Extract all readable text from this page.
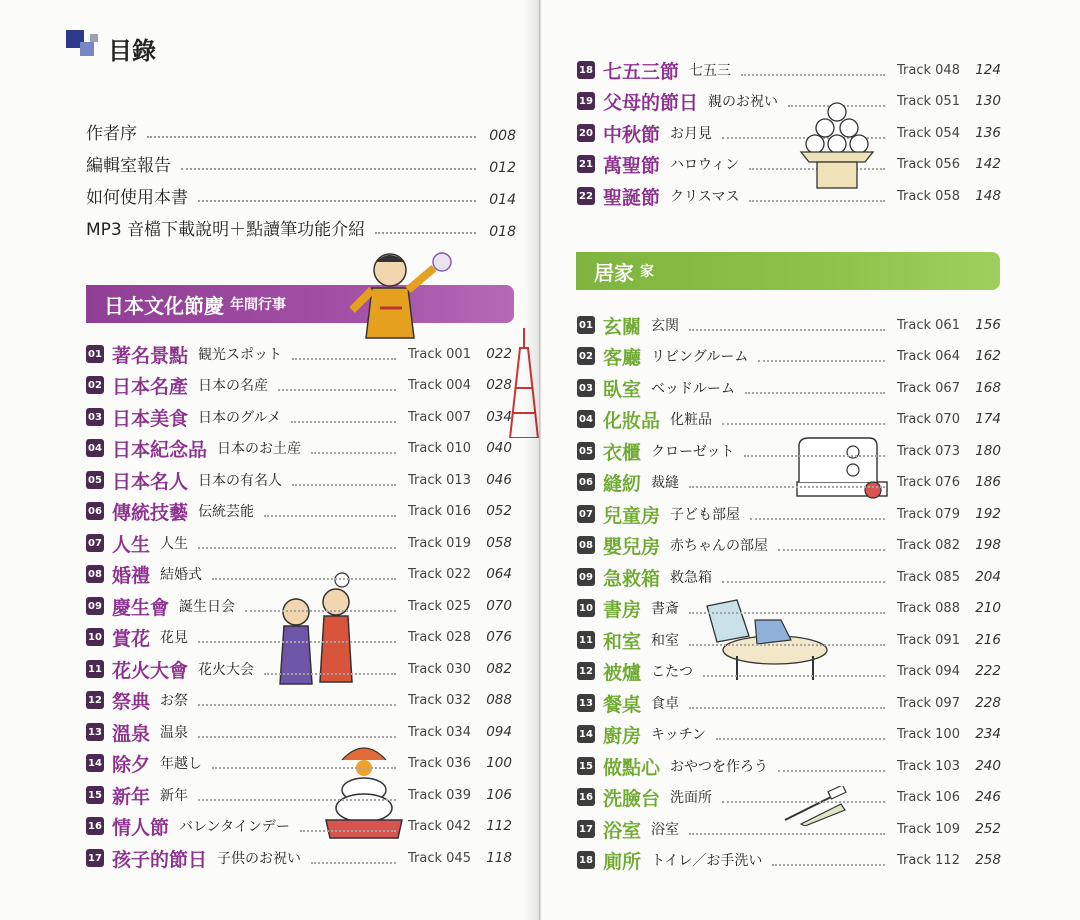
目錄
作者序	008
編輯室報告	012
如何使用本書	014
MP3 音檔下載說明＋點讀筆功能介紹	018
日本文化節慶 年間行事
01 著名景點 観光スポット	Track 001	022
02 日本名產 日本の名産	Track 004	028
03 日本美食 日本のグルメ	Track 007	034
04 日本紀念品 日本のお土産	Track 010	040
05 日本名人 日本の有名人	Track 013	046
06 傳統技藝 伝統芸能	Track 016	052
07 人生 人生	Track 019	058
08 婚禮 結婚式	Track 022	064
09 慶生會 誕生日会	Track 025	070
10 賞花 花見	Track 028	076
11 花火大會 花火大会	Track 030	082
12 祭典 お祭	Track 032	088
13 溫泉 温泉	Track 034	094
14 除夕 年越し	Track 036	100
15 新年 新年	Track 039	106
16 情人節 バレンタインデー	Track 042	112
17 孩子的節日 子供のお祝い	Track 045	118
18 七五三節 七五三	Track 048	124
19 父母的節日 親のお祝い	Track 051	130
20 中秋節 お月見	Track 054	136
21 萬聖節 ハロウィン	Track 056	142
22 聖誕節 クリスマス	Track 058	148
居家 家
01 玄關 玄関	Track 061	156
02 客廳 リビングルーム	Track 064	162
03 臥室 ベッドルーム	Track 067	168
04 化妝品 化粧品	Track 070	174
05 衣櫃 クローゼット	Track 073	180
06 縫紉 裁縫	Track 076	186
07 兒童房 子ども部屋	Track 079	192
08 嬰兒房 赤ちゃんの部屋	Track 082	198
09 急救箱 救急箱	Track 085	204
10 書房 書斎	Track 088	210
11 和室 和室	Track 091	216
12 被爐 こたつ	Track 094	222
13 餐桌 食卓	Track 097	228
14 廚房 キッチン	Track 100	234
15 做點心 おやつを作ろう	Track 103	240
16 洗臉台 洗面所	Track 106	246
17 浴室 浴室	Track 109	252
18 廁所 トイレ／お手洗い	Track 112	258
